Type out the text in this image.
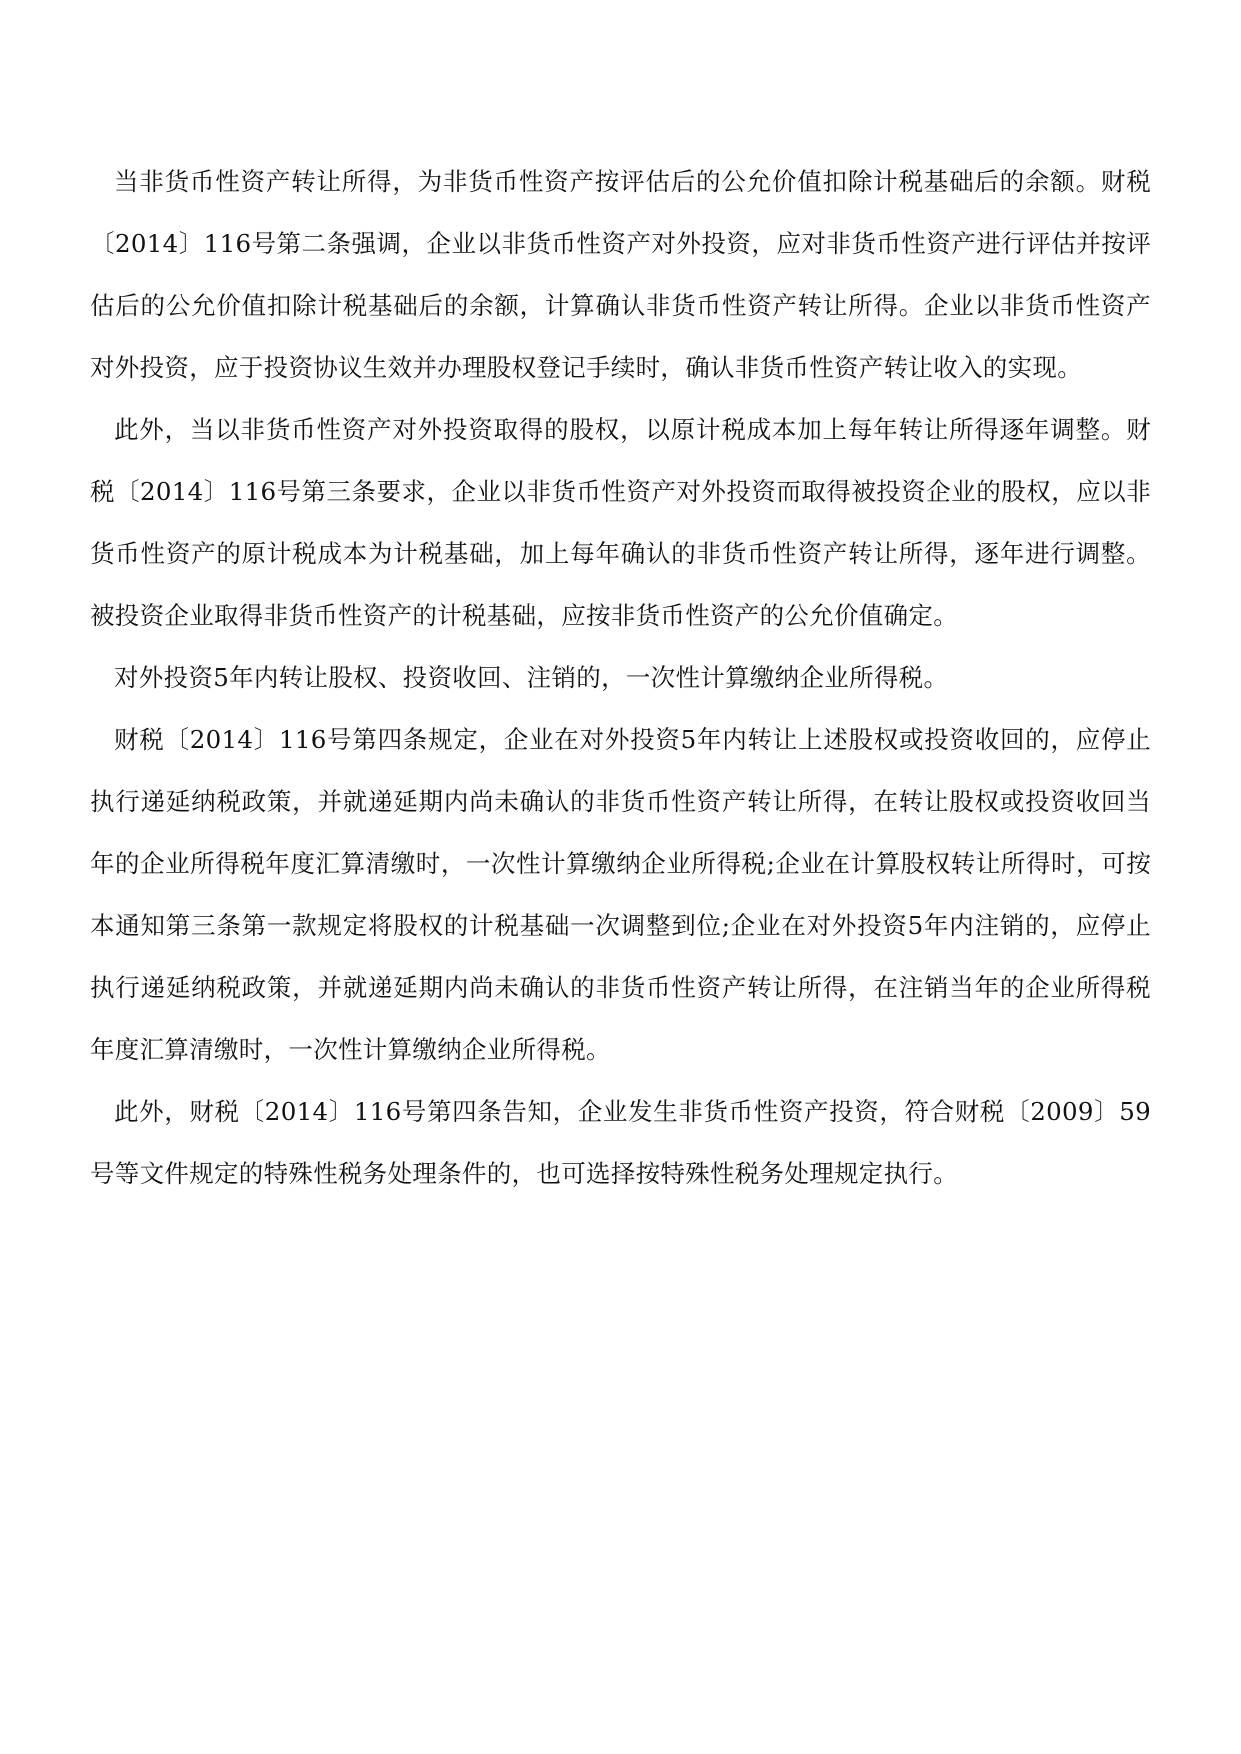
当非货币性资产转让所得，为非货币性资产按评估后的公允价值扣除计税基础后的余额。财税〔2014〕116号第二条强调，企业以非货币性资产对外投资，应对非货币性资产进行评估并按评估后的公允价值扣除计税基础后的余额，计算确认非货币性资产转让所得。企业以非货币性资产对外投资，应于投资协议生效并办理股权登记手续时，确认非货币性资产转让收入的实现。

此外，当以非货币性资产对外投资取得的股权，以原计税成本加上每年转让所得逐年调整。财税〔2014〕116号第三条要求，企业以非货币性资产对外投资而取得被投资企业的股权，应以非货币性资产的原计税成本为计税基础，加上每年确认的非货币性资产转让所得，逐年进行调整。被投资企业取得非货币性资产的计税基础，应按非货币性资产的公允价值确定。

对外投资5年内转让股权、投资收回、注销的，一次性计算缴纳企业所得税。

财税〔2014〕116号第四条规定，企业在对外投资5年内转让上述股权或投资收回的，应停止执行递延纳税政策，并就递延期内尚未确认的非货币性资产转让所得，在转让股权或投资收回当年的企业所得税年度汇算清缴时，一次性计算缴纳企业所得税;企业在计算股权转让所得时，可按本通知第三条第一款规定将股权的计税基础一次调整到位;企业在对外投资5年内注销的，应停止执行递延纳税政策，并就递延期内尚未确认的非货币性资产转让所得，在注销当年的企业所得税年度汇算清缴时，一次性计算缴纳企业所得税。

此外，财税〔2014〕116号第四条告知，企业发生非货币性资产投资，符合财税〔2009〕59号等文件规定的特殊性税务处理条件的，也可选择按特殊性税务处理规定执行。
